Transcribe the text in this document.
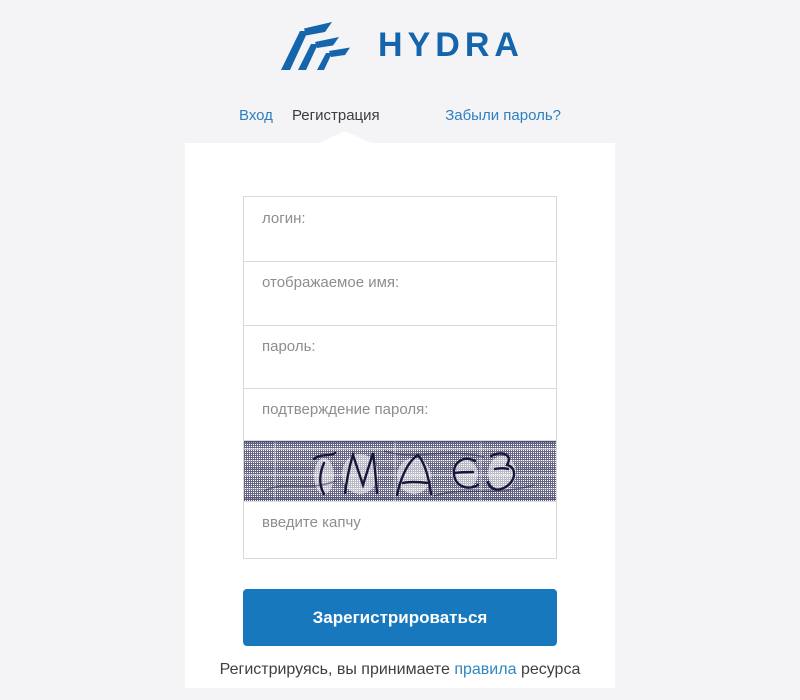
HYDRA
Вход Регистрация	Забыли пароль?
логин:
отображаемое имя:
введите капчу
Зарегистрироваться
Регистрируясь, вы принимаете правила ресурса
